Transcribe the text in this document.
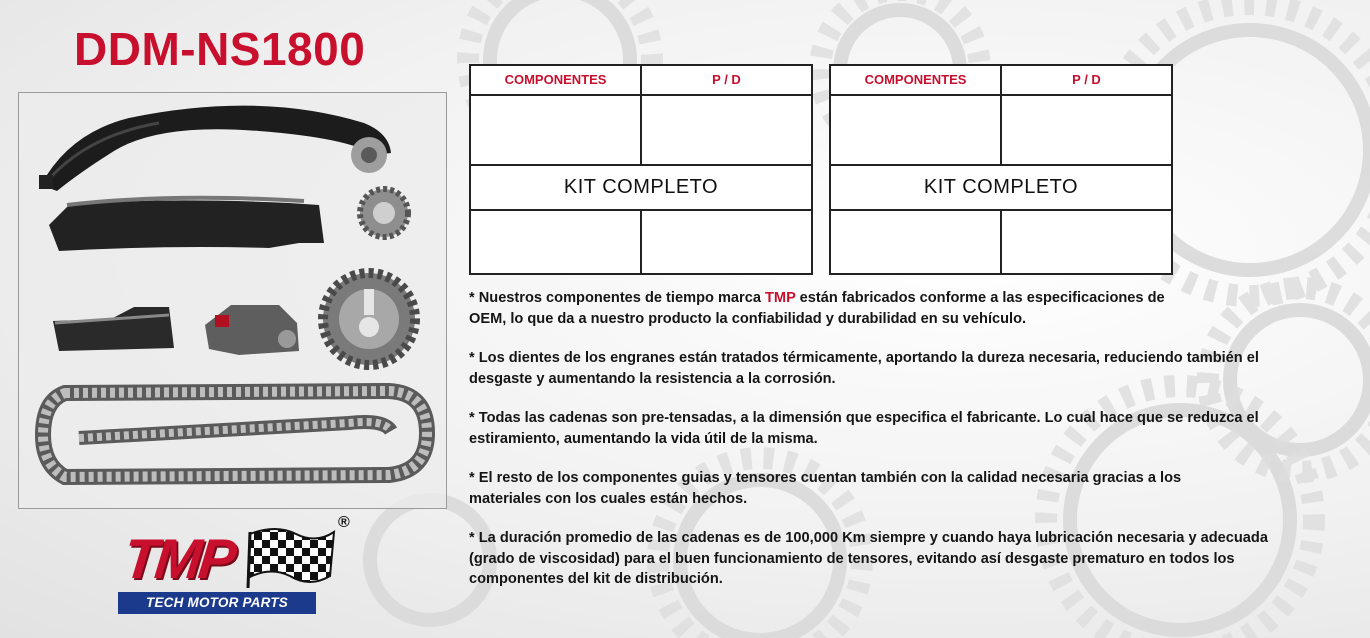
DDM-NS1800
COMPONENTES	P / D
KIT COMPLETO
COMPONENTES	P / D
KIT COMPLETO

* Nuestros componentes de tiempo marca TMP están fabricados conforme a las especificaciones de OEM, lo que da a nuestro producto la confiabilidad y durabilidad en su vehículo.

* Los dientes de los engranes están tratados térmicamente, aportando la dureza necesaria, reduciendo también el desgaste y aumentando la resistencia a la corrosión.

* Todas las cadenas son pre-tensadas, a la dimensión que especifica el fabricante. Lo cual hace que se reduzca el estiramiento, aumentando la vida útil de la misma.

* El resto de los componentes guias y tensores cuentan también con la calidad necesaria gracias a los materiales con los cuales están hechos.

* La duración promedio de las cadenas es de 100,000 Km siempre y cuando haya lubricación necesaria y adecuada (grado de viscosidad) para el buen funcionamiento de tensores, evitando así desgaste prematuro en todos los componentes del kit de distribución.

TMP
®
TECH MOTOR PARTS
